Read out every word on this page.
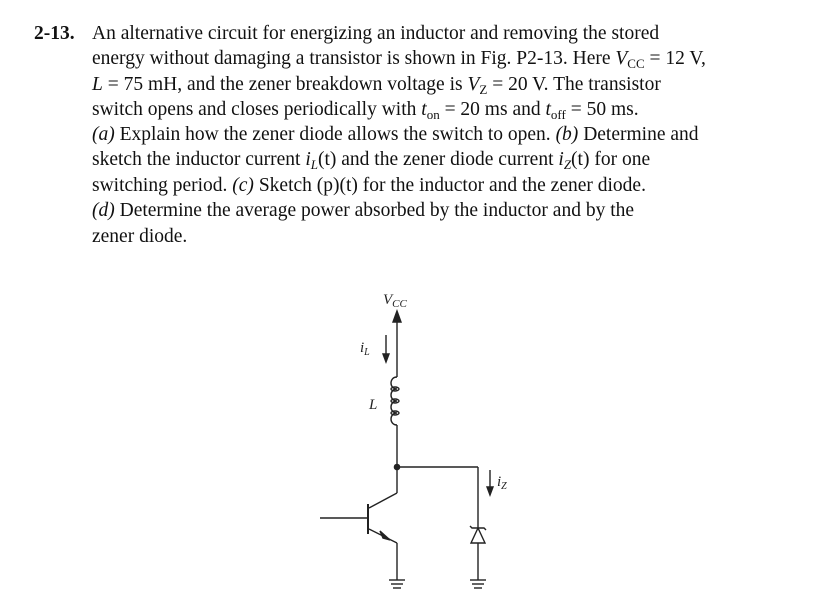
2-13. An alternative circuit for energizing an inductor and removing the stored
energy without damaging a transistor is shown in Fig. P2-13. Here $V_{CC} = 12$ V,
L = 75 mH, and the zener breakdown voltage is $V_Z = 20$ V. The transistor
switch opens and closes periodically with $t_{on} = 20$ ms and $t_{off} = 50$ ms.
(a) Explain how the zener diode allows the switch to open. (b) Determine and
sketch the inductor current $i_L(t)$ and the zener diode current $i_Z(t)$ for one
switching period. (c) Sketch (p)(t) for the inductor and the zener diode.
(d) Determine the average power absorbed by the inductor and by the
zener diode.
$V_{CC}$
$i_L$
L
$i_Z$
